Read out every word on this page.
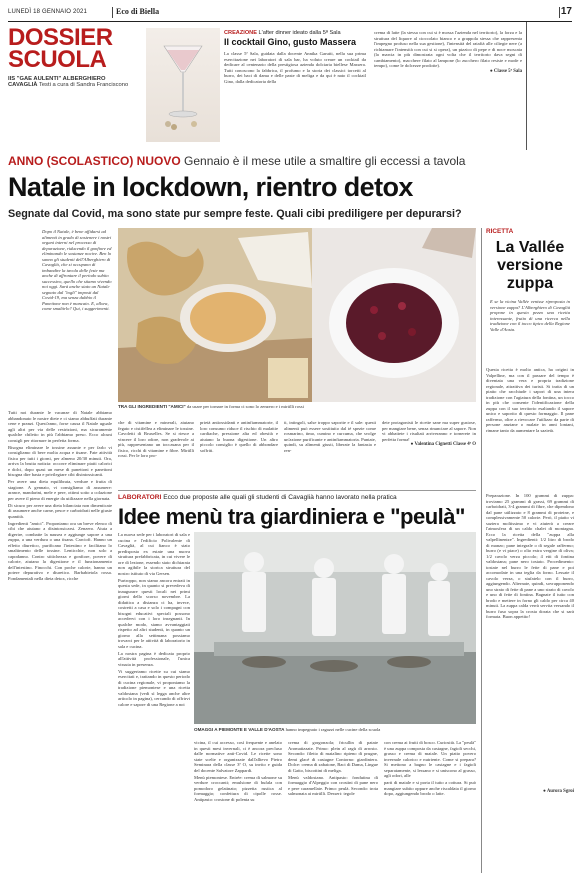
LUNEDÌ 18 GENNAIO 2021	Eco di Biella	17
DOSSIER
SCUOLA
IIS "GAE AULENTI" ALBERGHIERO
CAVAGLIÀ Testi a cura di Sandra Franciscono
CREAZIONE L'after dinner ideato dalla 5ª Sala
Il cocktail Gino, gusto Massera
La classe 5ª Sala, guidata dalla docente Annika Garutti, nella sua prima esercitazione nei laboratori di sala bar, ha voluto creare un cocktail da dedicare al centenario della prestigiosa azienda dolciaria biellese Massera. Tutti conoscono la fabbrica, il profumo e la storia dei classici torcetti al burro, dei baci di dama e delle paste di meliga e da qui è nato il cocktail Gino, dalla dedicatoria della
crema di latte (la stessa con cui si è mossa l'azienda nel territorio), la forza e la struttura del liquore al cioccolato bianco e a grappola stessa che rappresenta l'impegno profuso nella sua gestione), l'intensità del ratafià alle ciliegie nere (a richiamare l'intensità con cui si si opera), un pizzico di pepe e di noce moscata (la marcia in più dimostrata ogni volta che il territorio dava segni di cambiamento), macchere filato al lampone (lo zucchero filato resiste e mode e tempo), come le dolcezze prodotte).
● Classe 5ª Sala
ANNO (SCOLASTICO) NUOVO Gennaio è il mese utile a smaltire gli eccessi a tavola
Natale in lockdown, rientro detox
Segnate dal Covid, ma sono state pur sempre feste. Quali cibi prediligere per depurarsi?
Dopo il Natale, è bene affidarsi ad alimenti in grado di sostenere i nostri organi interni nel processo di depurazione, riducendo il gonfiore ed eliminando le sostanze nocive. Ben lo sanno gli studenti dell'Alberghiero di Cavaglià, che si occupano di imbandire la tavola delle feste ma anche di affrontare il periodo subito successivo, quello che stiamo vivendo noi oggi. Sarà anche stato un Natale segnato dal "togli" imposti dal Covid-19, ma senza dubbio il Panettone non è mancato. E, allora, come smaltirlo? Qui, i suggerimenti.
TRA GLI INGREDIENTI "AMICI" da usare per tornare in forma ci sono lo zenzero e i mirtilli rossi

Tutti noi durante le vacanze di Natale abbiamo abbandonato le nostre diete e ci siamo abbuffati durante cene e pranzi. Quest'anno, forse causa il Natale uguale agli altri per via delle restrizioni, ma sicuramente qualche chiletto in più l'abbiamo preso. Ecco alcuni consigli per ritornare in perfetta forma.

Bisogna eliminare le tossine assunte e per farlo vi consigliamo di bere molta acqua e tisane. Fate attività fisica per tutti i giorni, per almeno 20/30 minuti. Ora, arriva la brutta notizia: occorre eliminare piatti calorici e dolci, dopo quasi un mese di panettoni e panettoni bisogna dire basta e privilegiare cibi disintossicanti.

Per avere una dieta equilibrata, verdure e frutta di stagione. A gennaio, vi consigliamo di assumere: arance, mandarini, mele e pere, ottimi sotto a colazione per avere il pieno di energie da utilizzare nella giornata.

Di sicuro per avere una dieta bilanciata non dimenticate di assumere anche carne, pesce e carboidrati nelle giuste quantità.

Ingredienti "amici". Proponiamo ora un breve elenco di cibi che aiutano a disintossicarsi. Zenzero. Aiuta a digerire, combatte la nausea e aggiunge sapore a una zuppa, a una verdura o una tisana. Carciofi. Hanno un effetto diuretico, purificano l'intestino e facilitano lo smaltimento delle tossine. Lenticchie, non solo a capodanno. Contro stitichezza e gonfiore, povere di calorie, aiutano la digestione e il funzionamento dell'intestino. Finocchi. Con poche calorie, hanno un potere depurativo e diuretico. Barbabietola rossa. Fondamentali nella dieta detox, ricche

che di vitamine e minerali, aiutano fegato e cistifellea a eliminare le tossine. Cavoletti di Bruxelles. Se si riesce a vincere il loro odore, non gradevole ai più, rappresentano un toccasana per il fisico, ricchi di vitamine e fibre. Mirtilli rossi. Per le loro pro-
prietà antiossidanti e antinfiammatorie, il loro consumo riduce il rischio di malattie cardiache, pressione alta ed obesità e aiutano la buona digestione. Un altro piccolo consiglio è quello di abbondare soffriti.
ti, intingoli, salse troppo saporite e il sale: questi alimenti può essere sostituito dal té spezie come rosmarino, timo, cumino e curcuma, che svolge un'azione purificante e antinfiammatoria. Puntate, quindi, su alimenti giusti, liberate la fantasia e ren-
dete protagonisti le ricette sane ma super gustose, per mangiare bene, senza rinunciare al sapore. Non vi abbattete i risultati arriveranno e tornerete in perfetta forma!
● Valentina Cignetti Classe 4ª O
LABORATORI Ecco due proposte alle quali gli studenti di Cavaglià hanno lavorato nella pratica
Idee menù tra giardiniera e "peulà"

La nuova sede per i laboratori di sala e cucina e l'edificio Polivalente di Cavaglià, al cui fianco è stato predisposta ex estate una nuova struttura prefabbricata, in cui vivere le ore di lezione, essendo stato dichiarata non agibile la storica struttura del nostro istituto di via Gersen.

Purtroppo, non siamo ancora entrati in questa sede, in quanto si prevedeva di inaugurare questi locali nei primi giorni dello scorso novembre. La didattica a distanza ci ha, invece, costretti a casa e solo i compagni con bisogni educativi speciali possono accedervi con i loro insegnanti. In qualche modo, siamo avvantaggiati rispetto ad altri studenti, in quanto un giorno alla settimana possiamo trovarci per le attività di laboratorio in sala e cucina.

La nostra pagina è dedicata proprio all'attività professionale, l'unica vissuta in presenza.

Vi suggeriamo ricette su cui siamo esercitati e, trattando in questo periodo di cucina regionale, vi proponiamo la tradizione piemontese e una ricetta valdostana (vedi sì legga anche altre articolo in pagina), cercando di offrirvi calore e sapore di una Regione a noi

OMAGGI A PIEMONTE E VALLE D'AOSTA hanno impegnato i ragazzi nelle cucine della scuola

vicina, il cui accesso, così frequente e anelato in questi mesi invernali, ci è ancora precluso dalle normative anti-Covid. Le ricette sono state scelte e organizzate dall'allievo Pietro Seminara della classe 3ª O, su invito e guida del docente Salvatore Zappardi.

Menù piemontese. Entrée: crema di salmone su verdure croccanti; emulsione di bufala con pomodoro gelatinato; pizzetta rustica al formaggio; confettura di cipolle rosse. Antipasto: crostone di polenta su

crema di gorgonzola; fricullin di patate Aromatizzate. Primo: plein al ragù di arrosto. Secondo: filetto di maialino ripieno di prugne, demi glacé di castagne Contorno: giardiniera. Dolce: crema di zabaione, Baci di Dama, Lingue di Gatto, biscottini di meliga.

Menù valdostano. Antipasto: fondutina di formaggio d'Alpeggio con crostini di pane nero e pere caramellate. Primo: peulà. Secondo: trota salmonata ai mirtilli. Dessert: tegole

con crema ai frutti di bosco. Curiosità. La "peulà" è una zuppa composta da castagne, fagioli secchi, grasso e crema di maiale. Un piatto povero invernale calorico e nutriente. Come si prepara? Si mettono a bagno le castagne e i fagioli separatamente, si lessano e si uniscono al grasso, agli odori, alle

parti di maiale e si porta il tutto a cottura. Si può mangiare subito oppure anche riscaldata il giorno dopo, aggiungendo brodo o latte.

RICETTA
La Vallée
versione
zuppa
E se la vicina Vallée venisse riproposta in versione zuppa? L'Alberghiero di Cavaglià propone in questo pezzo una ricetta interessante, frutto di una ricerca nella tradizione con il tocco tipico della Regione Valle d'Aosta.
Questa ricetta è molto antica, ha origini in Valpelline, ma con il passare del tempo è diventata una vera e propria tradizione regionale, attrattiva dei turisti. Si tratta di un piatto che racchiude i sapori di una intera tradizione con l'agiatura della fontina, un tocco in più che consente l'identificazione della zuppa con il suo territorio esaltando il sapore unico e saporito di questo formaggio. Il pane raffermo, oltre a rievocare l'utilizzo da parte di persone anziane o malate in anni lontani, rimane tanto da aumentare la sazietà.
Preparazione. In 100 grammi di zuppa: troviamo 25 grammi di grassi, 69 grammi di carboidrati, 3-4 grammi di fibre, che dipendono dal pane utilizzato e 8 grammi di proteine, e complessivamente 50 calorie. Però, il piatto vi saziera moltissimo e vi aiuterà a creare l'atmosfera di un caldo chalet di montagna. Ecco la ricetta della "zuppa alla valpellinentze". Ingredienti: 1/2 litro di brodo di manzo; pane integrale o di segale raffermo; burro (e vi piace) o olio extra vergine di oliva; 1/2 cavolo verza piccolo; 4 etti di fontina valdostana; pane nero tostato. Procedimento: tostate nel burro le fette di pane e poi accomodate in una teglia da forno. Lessate il cavolo verza, o stufatelo con il burro, aggiungendo. Alternate, quindi, sovrapponendo uno strato di fette di pane a uno strato di cavolo e uno di fette di fontina. Bagnate il tutto con brodo e mettere in forno gli caldo per circa 40 minuti. La zuppa calda verrà servita versando il burro fuso sopra la crosta dorata che si sarà formata. Buon appetito!
● Aurora Sgroi
